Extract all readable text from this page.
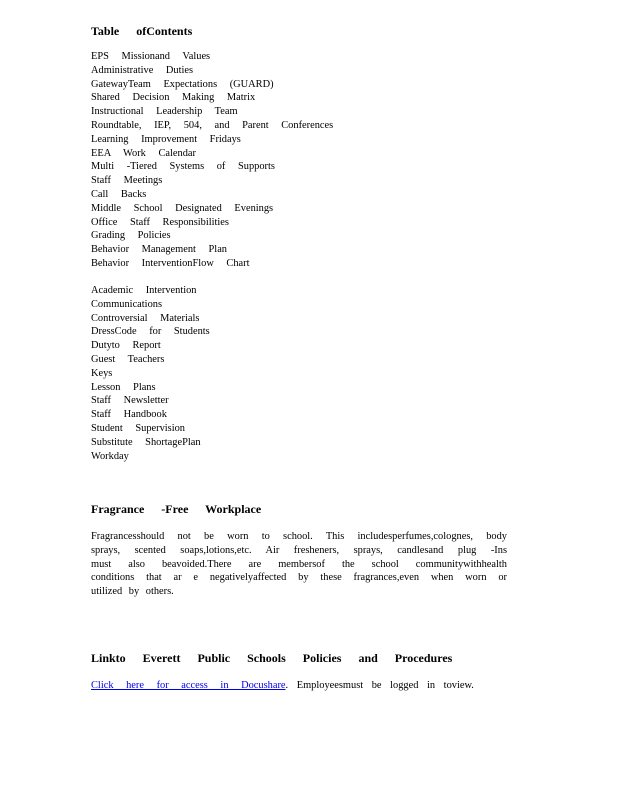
Table ofContents
EPS Missionand Values
Administrative Duties
GatewayTeam Expectations (GUARD)
Shared Decision Making Matrix
Instructional Leadership Team
Roundtable, IEP, 504, and Parent Conferences
Learning Improvement Fridays
EEA Work Calendar
Multi -Tiered Systems of Supports
Staff Meetings
Call Backs
Middle School Designated Evenings
Office Staff Responsibilities
Grading Policies
Behavior Management Plan
Behavior InterventionFlow Chart
Academic Intervention
Communications
Controversial Materials
DressCode for Students
Dutyto Report
Guest Teachers
Keys
Lesson Plans
Staff Newsletter
Staff Handbook
Student Supervision
Substitute ShortagePlan
Workday
Fragrance -Free Workplace
Fragrancesshould not be worn to school. This includesperfumes,colognes, body
sprays, scented soaps,lotions,etc. Air fresheners, sprays, candlesand plug -Ins
must also beavoided.There are membersof the school communitywithhealth
conditions that ar e negativelyaffected by these fragrances,even when worn or
utilized by others.
Linkto Everett Public Schools Policies and Procedures
Click here for access in Docushare. Employeesmust be logged in toview.
